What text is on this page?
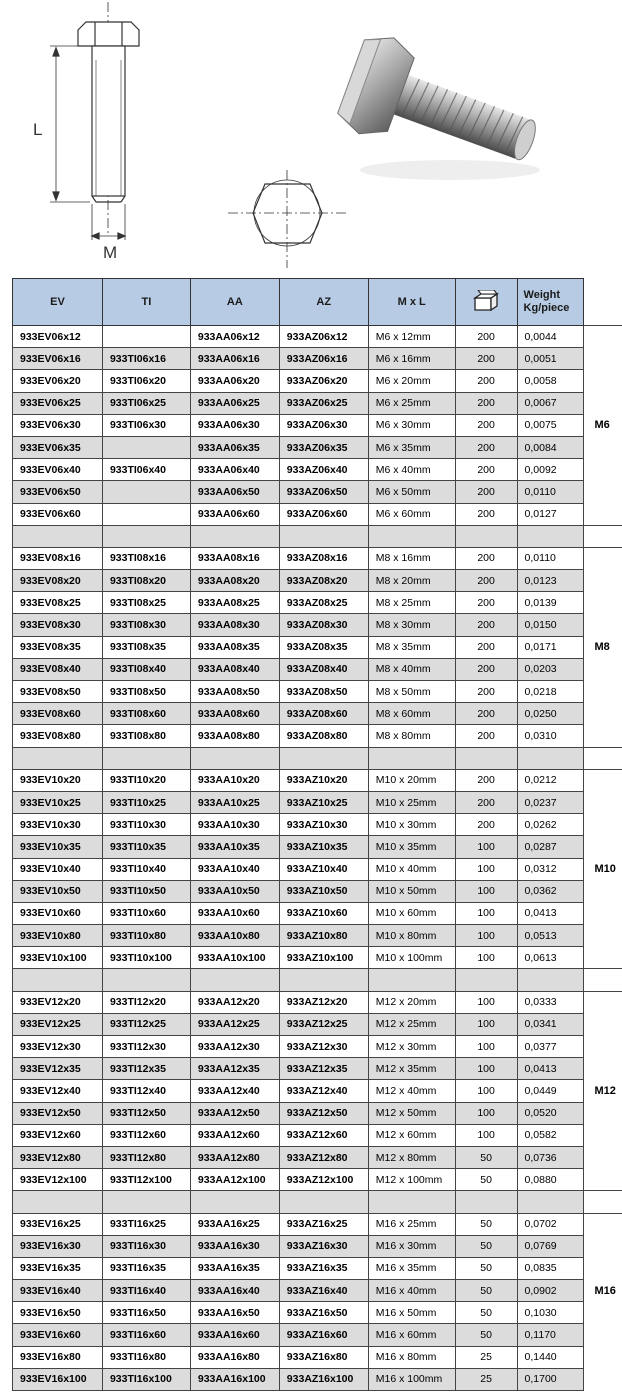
L
M
EV	TI	AA	AZ	M x L		Weight
Kg/piece	

933EV06x12		933AA06x12	933AZ06x12	M6 x 12mm	200	0,0044	
933EV06x16	933TI06x16	933AA06x16	933AZ06x16	M6 x 16mm	200	0,0051	
933EV06x20	933TI06x20	933AA06x20	933AZ06x20	M6 x 20mm	200	0,0058	
933EV06x25	933TI06x25	933AA06x25	933AZ06x25	M6 x 25mm	200	0,0067	
933EV06x30	933TI06x30	933AA06x30	933AZ06x30	M6 x 30mm	200	0,0075	M6
933EV06x35		933AA06x35	933AZ06x35	M6 x 35mm	200	0,0084	
933EV06x40	933TI06x40	933AA06x40	933AZ06x40	M6 x 40mm	200	0,0092	
933EV06x50		933AA06x50	933AZ06x50	M6 x 50mm	200	0,0110	
933EV06x60		933AA06x60	933AZ06x60	M6 x 60mm	200	0,0127	

933EV08x16	933TI08x16	933AA08x16	933AZ08x16	M8 x 16mm	200	0,0110	
933EV08x20	933TI08x20	933AA08x20	933AZ08x20	M8 x 20mm	200	0,0123	
933EV08x25	933TI08x25	933AA08x25	933AZ08x25	M8 x 25mm	200	0,0139	
933EV08x30	933TI08x30	933AA08x30	933AZ08x30	M8 x 30mm	200	0,0150	
933EV08x35	933TI08x35	933AA08x35	933AZ08x35	M8 x 35mm	200	0,0171	M8
933EV08x40	933TI08x40	933AA08x40	933AZ08x40	M8 x 40mm	200	0,0203	
933EV08x50	933TI08x50	933AA08x50	933AZ08x50	M8 x 50mm	200	0,0218	
933EV08x60	933TI08x60	933AA08x60	933AZ08x60	M8 x 60mm	200	0,0250	
933EV08x80	933TI08x80	933AA08x80	933AZ08x80	M8 x 80mm	200	0,0310	

933EV10x20	933TI10x20	933AA10x20	933AZ10x20	M10 x 20mm	200	0,0212	
933EV10x25	933TI10x25	933AA10x25	933AZ10x25	M10 x 25mm	200	0,0237	
933EV10x30	933TI10x30	933AA10x30	933AZ10x30	M10 x 30mm	200	0,0262	
933EV10x35	933TI10x35	933AA10x35	933AZ10x35	M10 x 35mm	100	0,0287	
933EV10x40	933TI10x40	933AA10x40	933AZ10x40	M10 x 40mm	100	0,0312	M10
933EV10x50	933TI10x50	933AA10x50	933AZ10x50	M10 x 50mm	100	0,0362	
933EV10x60	933TI10x60	933AA10x60	933AZ10x60	M10 x 60mm	100	0,0413	
933EV10x80	933TI10x80	933AA10x80	933AZ10x80	M10 x 80mm	100	0,0513	
933EV10x100	933TI10x100	933AA10x100	933AZ10x100	M10 x 100mm	100	0,0613	

933EV12x20	933TI12x20	933AA12x20	933AZ12x20	M12 x 20mm	100	0,0333	
933EV12x25	933TI12x25	933AA12x25	933AZ12x25	M12 x 25mm	100	0,0341	
933EV12x30	933TI12x30	933AA12x30	933AZ12x30	M12 x 30mm	100	0,0377	
933EV12x35	933TI12x35	933AA12x35	933AZ12x35	M12 x 35mm	100	0,0413	
933EV12x40	933TI12x40	933AA12x40	933AZ12x40	M12 x 40mm	100	0,0449	M12
933EV12x50	933TI12x50	933AA12x50	933AZ12x50	M12 x 50mm	100	0,0520	
933EV12x60	933TI12x60	933AA12x60	933AZ12x60	M12 x 60mm	100	0,0582	
933EV12x80	933TI12x80	933AA12x80	933AZ12x80	M12 x 80mm	50	0,0736	
933EV12x100	933TI12x100	933AA12x100	933AZ12x100	M12 x 100mm	50	0,0880	

933EV16x25	933TI16x25	933AA16x25	933AZ16x25	M16 x 25mm	50	0,0702	
933EV16x30	933TI16x30	933AA16x30	933AZ16x30	M16 x 30mm	50	0,0769	
933EV16x35	933TI16x35	933AA16x35	933AZ16x35	M16 x 35mm	50	0,0835	
933EV16x40	933TI16x40	933AA16x40	933AZ16x40	M16 x 40mm	50	0,0902	M16
933EV16x50	933TI16x50	933AA16x50	933AZ16x50	M16 x 50mm	50	0,1030	
933EV16x60	933TI16x60	933AA16x60	933AZ16x60	M16 x 60mm	50	0,1170	
933EV16x80	933TI16x80	933AA16x80	933AZ16x80	M16 x 80mm	25	0,1440	
933EV16x100	933TI16x100	933AA16x100	933AZ16x100	M16 x 100mm	25	0,1700	
